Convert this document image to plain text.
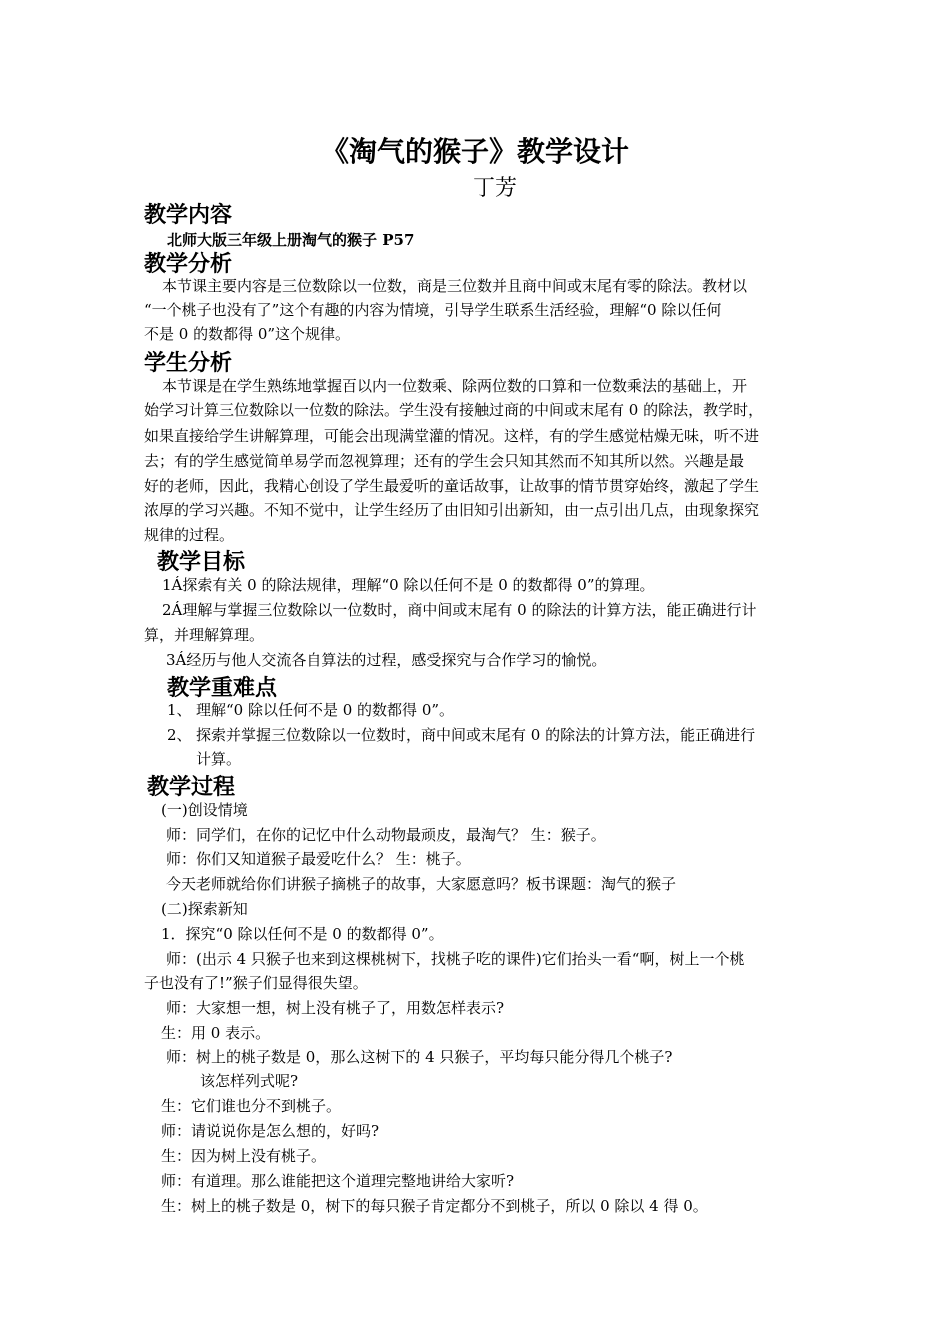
《淘气的猴子》教学设计
丁芳
教学内容
北师大版三年级上册淘气的猴子 P57
教学分析
本节课主要内容是三位数除以一位数，商是三位数并且商中间或末尾有零的除法。教材以
“一个桃子也没有了”这个有趣的内容为情境，引导学生联系生活经验，理解“0 除以任何
不是 0 的数都得 0”这个规律。
学生分析
本节课是在学生熟练地掌握百以内一位数乘、除两位数的口算和一位数乘法的基础上，开
始学习计算三位数除以一位数的除法。学生没有接触过商的中间或末尾有 0 的除法，教学时，
如果直接给学生讲解算理，可能会出现满堂灌的情况。这样，有的学生感觉枯燥无味，听不进
去；有的学生感觉简单易学而忽视算理；还有的学生会只知其然而不知其所以然。兴趣是最
好的老师，因此，我精心创设了学生最爱听的童话故事，让故事的情节贯穿始终，激起了学生
浓厚的学习兴趣。不知不觉中，让学生经历了由旧知引出新知，由一点引出几点，由现象探究
规律的过程。
教学目标
1Á探索有关 0 的除法规律，理解“0 除以任何不是 0 的数都得 0”的算理。
2Á理解与掌握三位数除以一位数时，商中间或末尾有 0 的除法的计算方法，能正确进行计
算，并理解算理。
3Á经历与他人交流各自算法的过程，感受探究与合作学习的愉悦。
教学重难点
1、 理解“0 除以任何不是 0 的数都得 0”。
2、 探索并掌握三位数除以一位数时，商中间或末尾有 0 的除法的计算方法，能正确进行
计算。
教学过程
(一)创设情境
师：同学们，在你的记忆中什么动物最顽皮，最淘气？ 生：猴子。
师：你们又知道猴子最爱吃什么？ 生：桃子。
今天老师就给你们讲猴子摘桃子的故事，大家愿意吗？板书课题：淘气的猴子
(二)探索新知
1．探究“0 除以任何不是 0 的数都得 0”。
师：(出示 4 只猴子也来到这棵桃树下，找桃子吃的课件)它们抬头一看“啊，树上一个桃
子也没有了!”猴子们显得很失望。
师：大家想一想，树上没有桃子了，用数怎样表示?
生：用 0 表示。
师：树上的桃子数是 0，那么这树下的 4 只猴子，平均每只能分得几个桃子?
该怎样列式呢?
生：它们谁也分不到桃子。
师：请说说你是怎么想的，好吗?
生：因为树上没有桃子。
师：有道理。那么谁能把这个道理完整地讲给大家听?
生：树上的桃子数是 0，树下的每只猴子肯定都分不到桃子，所以 0 除以 4 得 0。
